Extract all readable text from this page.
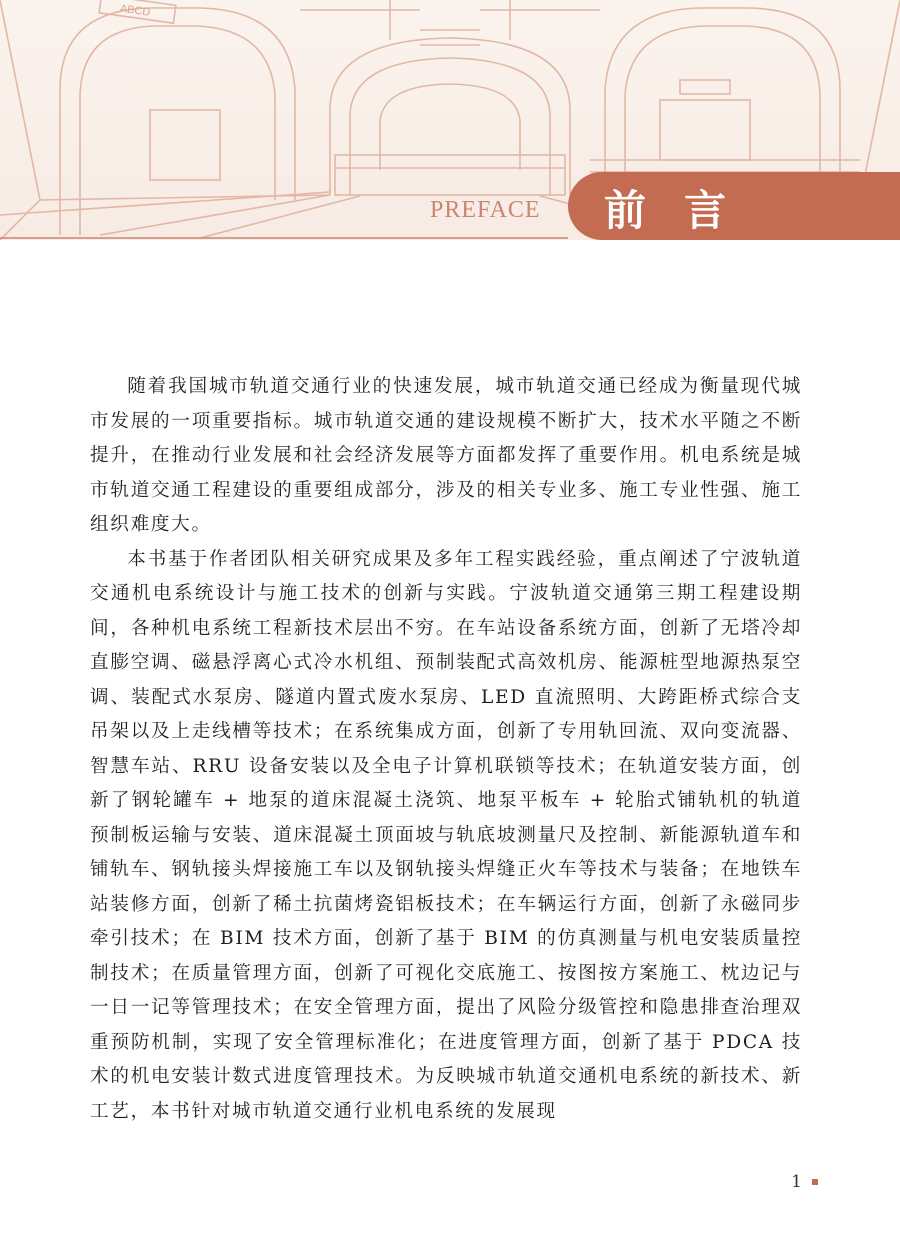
ABCD
PREFACE 前言

随着我国城市轨道交通行业的快速发展，城市轨道交通已经成为衡量现代城市发展的一项重要指标。城市轨道交通的建设规模不断扩大，技术水平随之不断提升，在推动行业发展和社会经济发展等方面都发挥了重要作用。机电系统是城市轨道交通工程建设的重要组成部分，涉及的相关专业多、施工专业性强、施工组织难度大。

本书基于作者团队相关研究成果及多年工程实践经验，重点阐述了宁波轨道交通机电系统设计与施工技术的创新与实践。宁波轨道交通第三期工程建设期间，各种机电系统工程新技术层出不穷。在车站设备系统方面，创新了无塔冷却直膨空调、磁悬浮离心式冷水机组、预制装配式高效机房、能源桩型地源热泵空调、装配式水泵房、隧道内置式废水泵房、LED 直流照明、大跨距桥式综合支吊架以及上走线槽等技术；在系统集成方面，创新了专用轨回流、双向变流器、智慧车站、RRU 设备安装以及全电子计算机联锁等技术；在轨道安装方面，创新了钢轮罐车 + 地泵的道床混凝土浇筑、地泵平板车 + 轮胎式铺轨机的轨道预制板运输与安装、道床混凝土顶面坡与轨底坡测量尺及控制、新能源轨道车和铺轨车、钢轨接头焊接施工车以及钢轨接头焊缝正火车等技术与装备；在地铁车站装修方面，创新了稀土抗菌烤瓷铝板技术；在车辆运行方面，创新了永磁同步牵引技术；在 BIM 技术方面，创新了基于 BIM 的仿真测量与机电安装质量控制技术；在质量管理方面，创新了可视化交底施工、按图按方案施工、枕边记与一日一记等管理技术；在安全管理方面，提出了风险分级管控和隐患排查治理双重预防机制，实现了安全管理标准化；在进度管理方面，创新了基于 PDCA 技术的机电安装计数式进度管理技术。为反映城市轨道交通机电系统的新技术、新工艺，本书针对城市轨道交通行业机电系统的发展现

1
